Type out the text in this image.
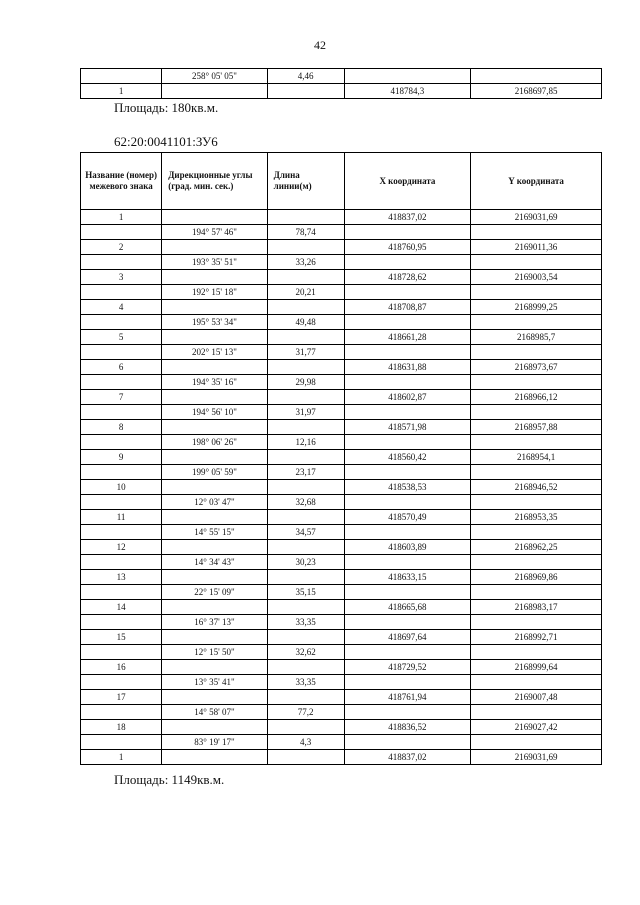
42
	258° 05' 05"	4,46		
1			418784,3	2168697,85
Площадь: 180кв.м.
62:20:0041101:ЗУ6
Название (номер) межевого знака	Дирекционные углы (град. мин. сек.)	Длина линии(м)	X координата	Y координата
1			418837,02	2169031,69
	194° 57' 46"	78,74		
2			418760,95	2169011,36
	193° 35' 51"	33,26		
3			418728,62	2169003,54
	192° 15' 18"	20,21		
4			418708,87	2168999,25
	195° 53' 34"	49,48		
5			418661,28	2168985,7
	202° 15' 13"	31,77		
6			418631,88	2168973,67
	194° 35' 16"	29,98		
7			418602,87	2168966,12
	194° 56' 10"	31,97		
8			418571,98	2168957,88
	198° 06' 26"	12,16		
9			418560,42	2168954,1
	199° 05' 59"	23,17		
10			418538,53	2168946,52
	12° 03' 47"	32,68		
11			418570,49	2168953,35
	14° 55' 15"	34,57		
12			418603,89	2168962,25
	14° 34' 43"	30,23		
13			418633,15	2168969,86
	22° 15' 09"	35,15		
14			418665,68	2168983,17
	16° 37' 13"	33,35		
15			418697,64	2168992,71
	12° 15' 50"	32,62		
16			418729,52	2168999,64
	13° 35' 41"	33,35		
17			418761,94	2169007,48
	14° 58' 07"	77,2		
18			418836,52	2169027,42
	83° 19' 17"	4,3		
1			418837,02	2169031,69
Площадь: 1149кв.м.
